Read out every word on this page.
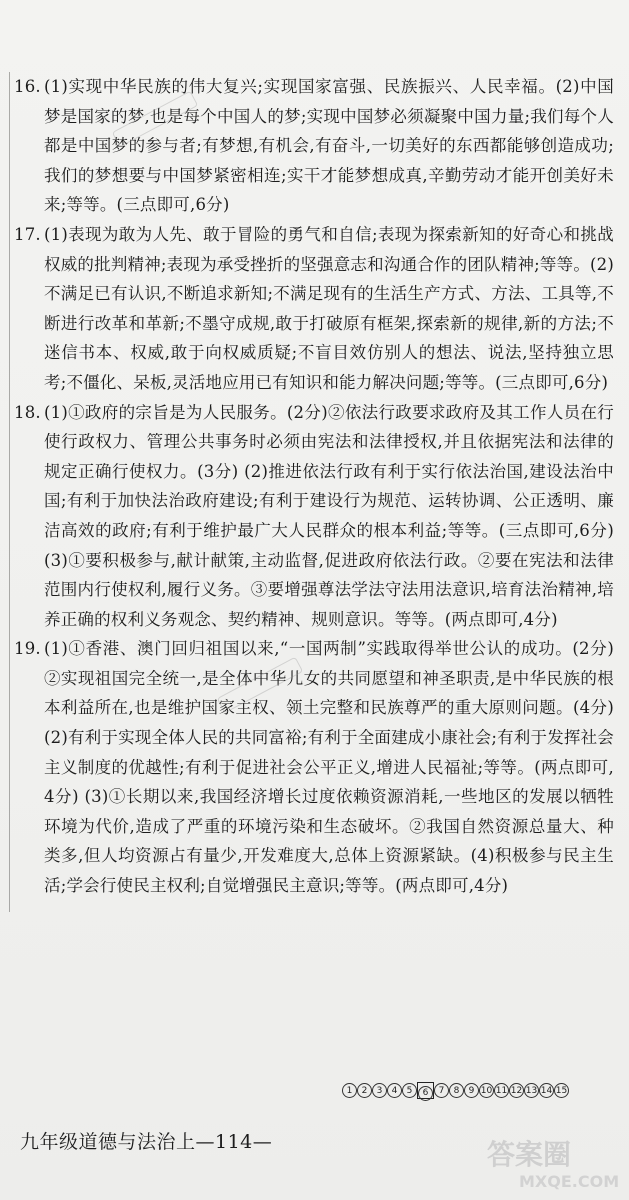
16. (1)实现中华民族的伟大复兴;实现国家富强、民族振兴、人民幸福。(2)中国梦是国家的梦,也是每个中国人的梦;实现中国梦必须凝聚中国力量;我们每个人都是中国梦的参与者;有梦想,有机会,有奋斗,一切美好的东西都能够创造成功;我们的梦想要与中国梦紧密相连;实干才能梦想成真,辛勤劳动才能开创美好未来;等等。(三点即可,6分)
17. (1)表现为敢为人先、敢于冒险的勇气和自信;表现为探索新知的好奇心和挑战权威的批判精神;表现为承受挫折的坚强意志和沟通合作的团队精神;等等。(2)不满足已有认识,不断追求新知;不满足现有的生活生产方式、方法、工具等,不断进行改革和革新;不墨守成规,敢于打破原有框架,探索新的规律,新的方法;不迷信书本、权威,敢于向权威质疑;不盲目效仿别人的想法、说法,坚持独立思考;不僵化、呆板,灵活地应用已有知识和能力解决问题;等等。(三点即可,6分)
18. (1)①政府的宗旨是为人民服务。(2分)②依法行政要求政府及其工作人员在行使行政权力、管理公共事务时必须由宪法和法律授权,并且依据宪法和法律的规定正确行使权力。(3分) (2)推进依法行政有利于实行依法治国,建设法治中国;有利于加快法治政府建设;有利于建设行为规范、运转协调、公正透明、廉洁高效的政府;有利于维护最广大人民群众的根本利益;等等。(三点即可,6分) (3)①要积极参与,献计献策,主动监督,促进政府依法行政。②要在宪法和法律范围内行使权利,履行义务。③要增强尊法学法守法用法意识,培育法治精神,培养正确的权利义务观念、契约精神、规则意识。等等。(两点即可,4分)
19. (1)①香港、澳门回归祖国以来,“一国两制”实践取得举世公认的成功。(2分)②实现祖国完全统一,是全体中华儿女的共同愿望和神圣职责,是中华民族的根本利益所在,也是维护国家主权、领土完整和民族尊严的重大原则问题。(4分) (2)有利于实现全体人民的共同富裕;有利于全面建成小康社会;有利于发挥社会主义制度的优越性;有利于促进社会公平正义,增进人民福祉;等等。(两点即可,4分) (3)①长期以来,我国经济增长过度依赖资源消耗,一些地区的发展以牺牲环境为代价,造成了严重的环境污染和生态破坏。②我国自然资源总量大、种类多,但人均资源占有量少,开发难度大,总体上资源紧缺。(4)积极参与民主生活;学会行使民主权利;自觉增强民主意识;等等。(两点即可,4分)
1	2	3	4	5	6	7	8	9 10 11 12 13 14 15
九年级道德与法治上—114—	答案圈
MXQE.COM
